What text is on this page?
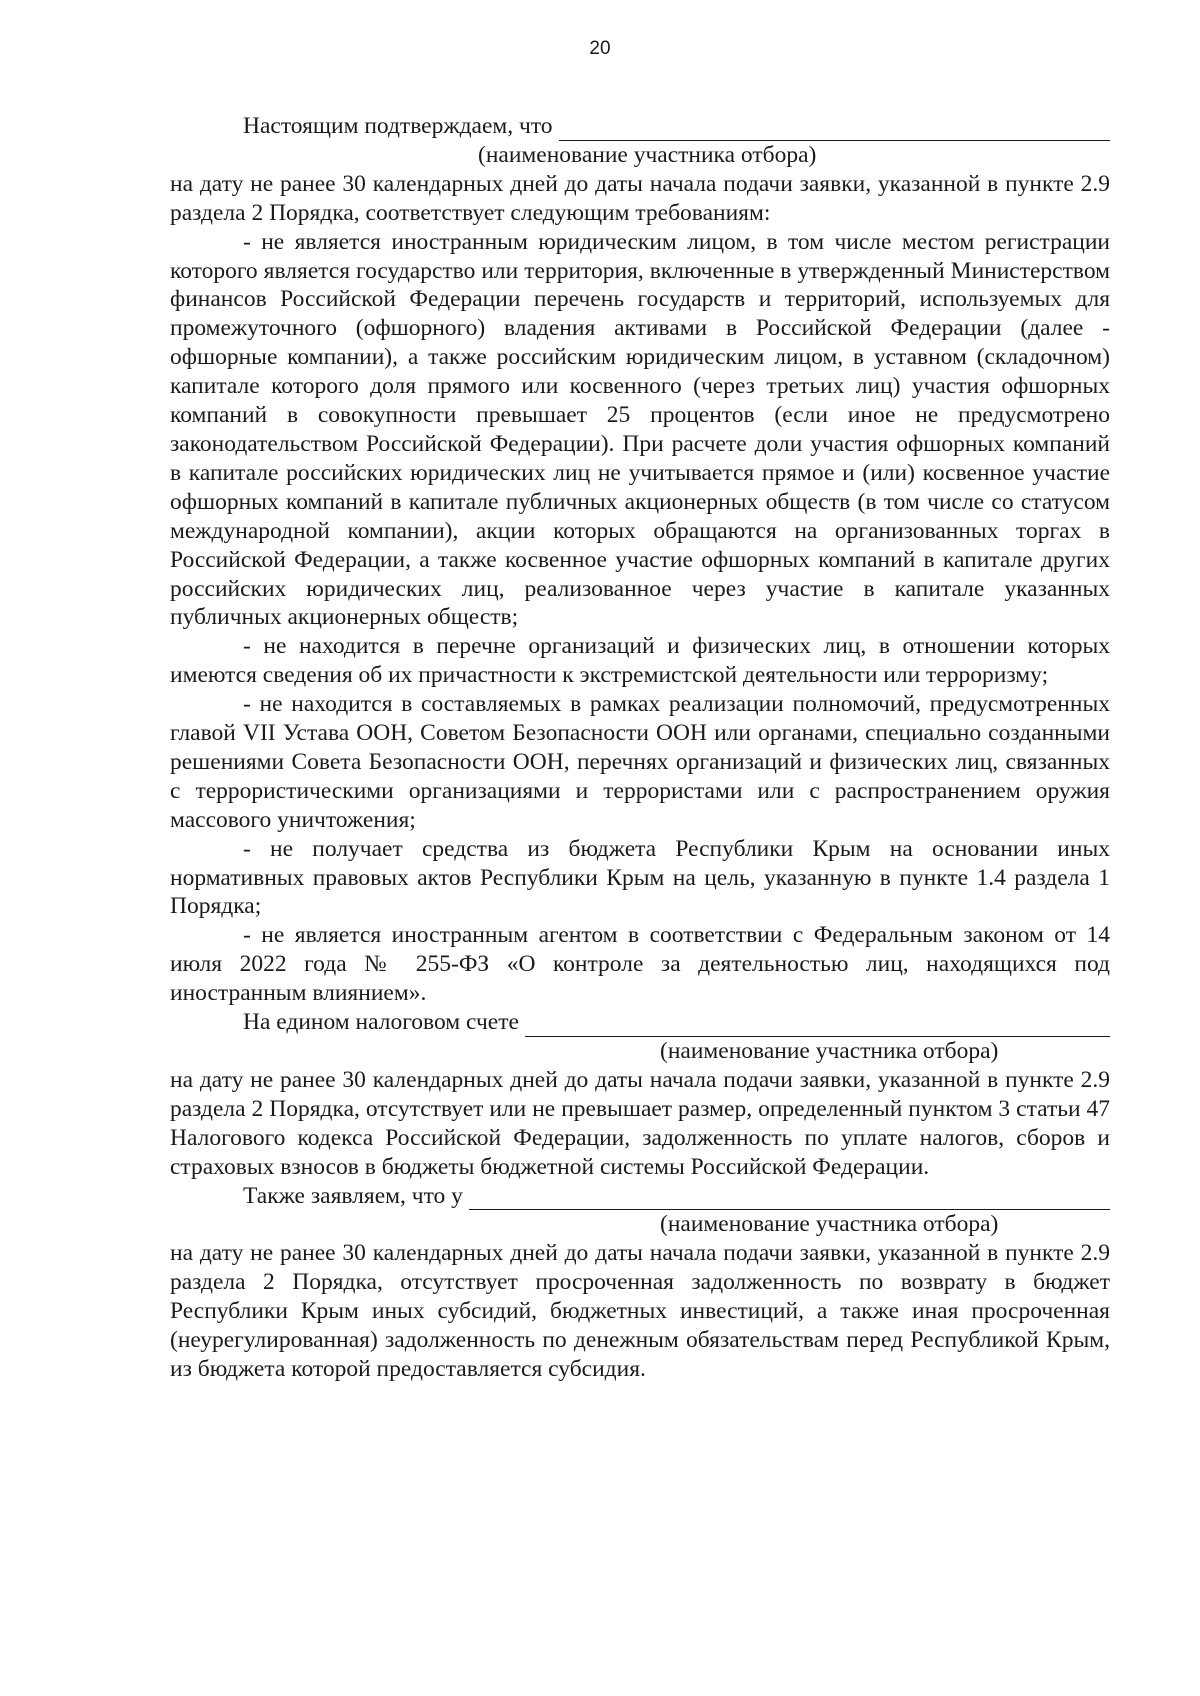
20
Настоящим подтверждаем, что
(наименование участника отбора)

на дату не ранее 30 календарных дней до даты начала подачи заявки, указанной в пункте 2.9 раздела 2 Порядка, соответствует следующим требованиям:

- не является иностранным юридическим лицом, в том числе местом регистрации которого является государство или территория, включенные в утвержденный Министерством финансов Российской Федерации перечень государств и территорий, используемых для промежуточного (офшорного) владения активами в Российской Федерации (далее - офшорные компании), а также российским юридическим лицом, в уставном (складочном) капитале которого доля прямого или косвенного (через третьих лиц) участия офшорных компаний в совокупности превышает 25 процентов (если иное не предусмотрено законодательством Российской Федерации). При расчете доли участия офшорных компаний в капитале российских юридических лиц не учитывается прямое и (или) косвенное участие офшорных компаний в капитале публичных акционерных обществ (в том числе со статусом международной компании), акции которых обращаются на организованных торгах в Российской Федерации, а также косвенное участие офшорных компаний в капитале других российских юридических лиц, реализованное через участие в капитале указанных публичных акционерных обществ;

- не находится в перечне организаций и физических лиц, в отношении которых имеются сведения об их причастности к экстремистской деятельности или терроризму;

- не находится в составляемых в рамках реализации полномочий, предусмотренных главой VII Устава ООН, Советом Безопасности ООН или органами, специально созданными решениями Совета Безопасности ООН, перечнях организаций и физических лиц, связанных с террористическими организациями и террористами или с распространением оружия массового уничтожения;

- не получает средства из бюджета Республики Крым на основании иных нормативных правовых актов Республики Крым на цель, указанную в пункте 1.4 раздела 1 Порядка;

- не является иностранным агентом в соответствии с Федеральным законом от 14 июля 2022 года № 255-ФЗ «О контроле за деятельностью лиц, находящихся под иностранным влиянием».

На едином налоговом счете
(наименование участника отбора)

на дату не ранее 30 календарных дней до даты начала подачи заявки, указанной в пункте 2.9 раздела 2 Порядка, отсутствует или не превышает размер, определенный пунктом 3 статьи 47 Налогового кодекса Российской Федерации, задолженность по уплате налогов, сборов и страховых взносов в бюджеты бюджетной системы Российской Федерации.

Также заявляем, что у
(наименование участника отбора)

на дату не ранее 30 календарных дней до даты начала подачи заявки, указанной в пункте 2.9 раздела 2 Порядка, отсутствует просроченная задолженность по возврату в бюджет Республики Крым иных субсидий, бюджетных инвестиций, а также иная просроченная (неурегулированная) задолженность по денежным обязательствам перед Республикой Крым, из бюджета которой предоставляется субсидия.
